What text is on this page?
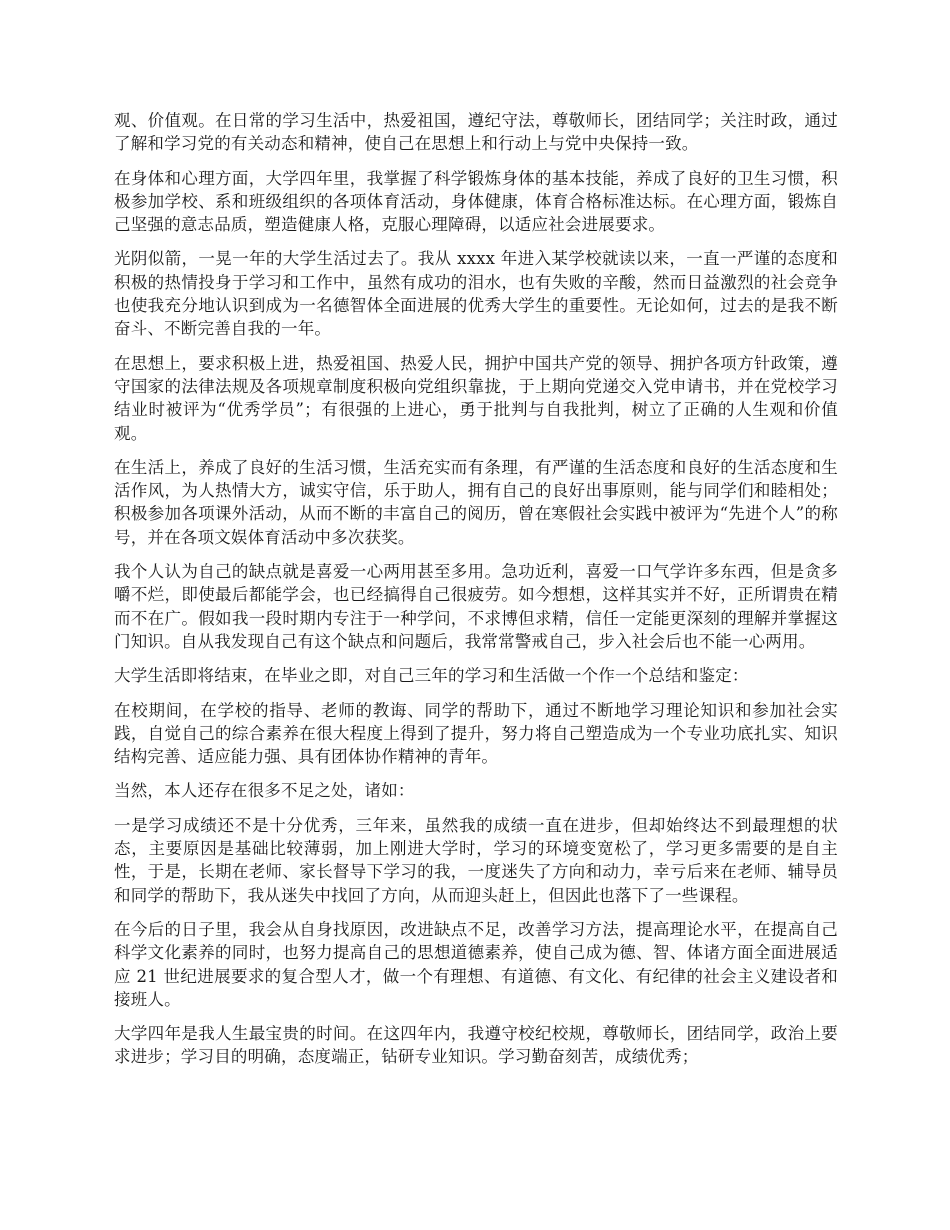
观、价值观。在日常的学习生活中，热爱祖国，遵纪守法，尊敬师长，团结同学；关注时政，通过了解和学习党的有关动态和精神，使自己在思想上和行动上与党中央保持一致。

在身体和心理方面，大学四年里，我掌握了科学锻炼身体的基本技能，养成了良好的卫生习惯，积极参加学校、系和班级组织的各项体育活动，身体健康，体育合格标准达标。在心理方面，锻炼自己坚强的意志品质，塑造健康人格，克服心理障碍，以适应社会进展要求。

光阴似箭，一晃一年的大学生活过去了。我从 xxxx 年进入某学校就读以来，一直一严谨的态度和积极的热情投身于学习和工作中，虽然有成功的泪水，也有失败的辛酸，然而日益激烈的社会竞争也使我充分地认识到成为一名德智体全面进展的优秀大学生的重要性。无论如何，过去的是我不断奋斗、不断完善自我的一年。

在思想上，要求积极上进，热爱祖国、热爱人民，拥护中国共产党的领导、拥护各项方针政策，遵守国家的法律法规及各项规章制度积极向党组织靠拢，于上期向党递交入党申请书，并在党校学习结业时被评为“优秀学员”；有很强的上进心，勇于批判与自我批判，树立了正确的人生观和价值观。

在生活上，养成了良好的生活习惯，生活充实而有条理，有严谨的生活态度和良好的生活态度和生活作风，为人热情大方，诚实守信，乐于助人，拥有自己的良好出事原则，能与同学们和睦相处；积极参加各项课外活动，从而不断的丰富自己的阅历，曾在寒假社会实践中被评为“先进个人”的称号，并在各项文娱体育活动中多次获奖。

我个人认为自己的缺点就是喜爱一心两用甚至多用。急功近利，喜爱一口气学许多东西，但是贪多嚼不烂，即使最后都能学会，也已经搞得自己很疲劳。如今想想，这样其实并不好，正所谓贵在精而不在广。假如我一段时期内专注于一种学问，不求博但求精，信任一定能更深刻的理解并掌握这门知识。自从我发现自己有这个缺点和问题后，我常常警戒自己，步入社会后也不能一心两用。

大学生活即将结束，在毕业之即，对自己三年的学习和生活做一个作一个总结和鉴定：

在校期间，在学校的指导、老师的教诲、同学的帮助下，通过不断地学习理论知识和参加社会实践，自觉自己的综合素养在很大程度上得到了提升，努力将自己塑造成为一个专业功底扎实、知识结构完善、适应能力强、具有团体协作精神的青年。

当然，本人还存在很多不足之处，诸如：

一是学习成绩还不是十分优秀，三年来，虽然我的成绩一直在进步，但却始终达不到最理想的状态，主要原因是基础比较薄弱，加上刚进大学时，学习的环境变宽松了，学习更多需要的是自主性，于是，长期在老师、家长督导下学习的我，一度迷失了方向和动力，幸亏后来在老师、辅导员和同学的帮助下，我从迷失中找回了方向，从而迎头赶上，但因此也落下了一些课程。

在今后的日子里，我会从自身找原因，改进缺点不足，改善学习方法，提高理论水平，在提高自己科学文化素养的同时，也努力提高自己的思想道德素养，使自己成为德、智、体诸方面全面进展适应 21 世纪进展要求的复合型人才，做一个有理想、有道德、有文化、有纪律的社会主义建设者和接班人。

大学四年是我人生最宝贵的时间。在这四年内，我遵守校纪校规，尊敬师长，团结同学，政治上要求进步；学习目的明确，态度端正，钻研专业知识。学习勤奋刻苦，成绩优秀；
